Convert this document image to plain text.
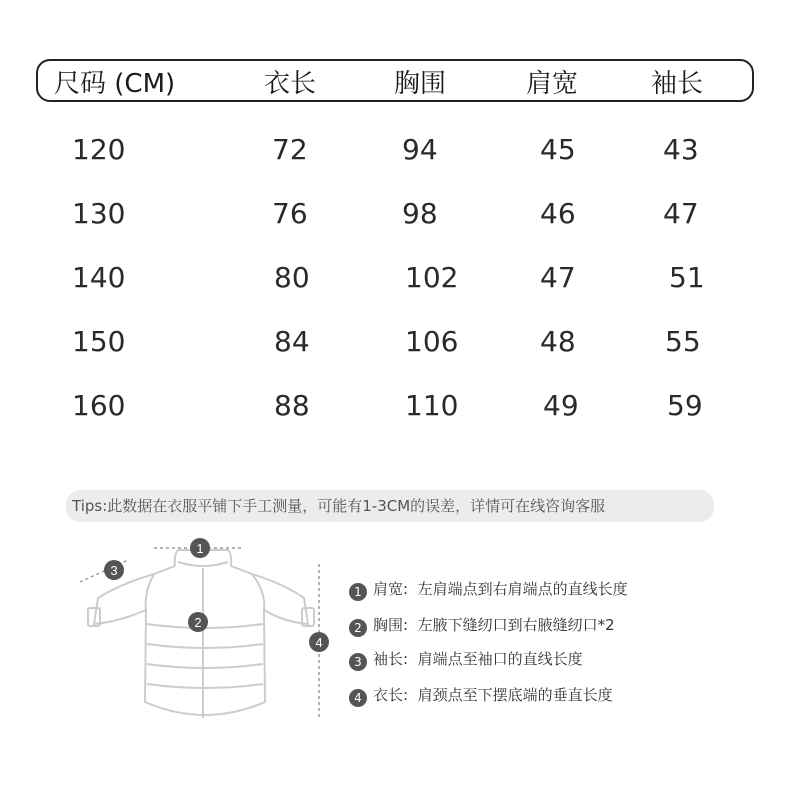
尺码 (CM)	衣长	胸围	肩宽	袖长
120	72	94	45	43
130	76	98	46	47
140	80	102	47	51
150	84	106	48	55
160	88	110	49	59
Tips:此数据在衣服平铺下手工测量，可能有1-3CM的误差，详情可在线咨询客服
1
2
3
4
1 肩宽: 左肩端点到右肩端点的直线长度
2 胸围: 左腋下缝纫口到右腋缝纫口*2
3 袖长: 肩端点至袖口的直线长度
4 衣长: 肩颈点至下摆底端的垂直长度
